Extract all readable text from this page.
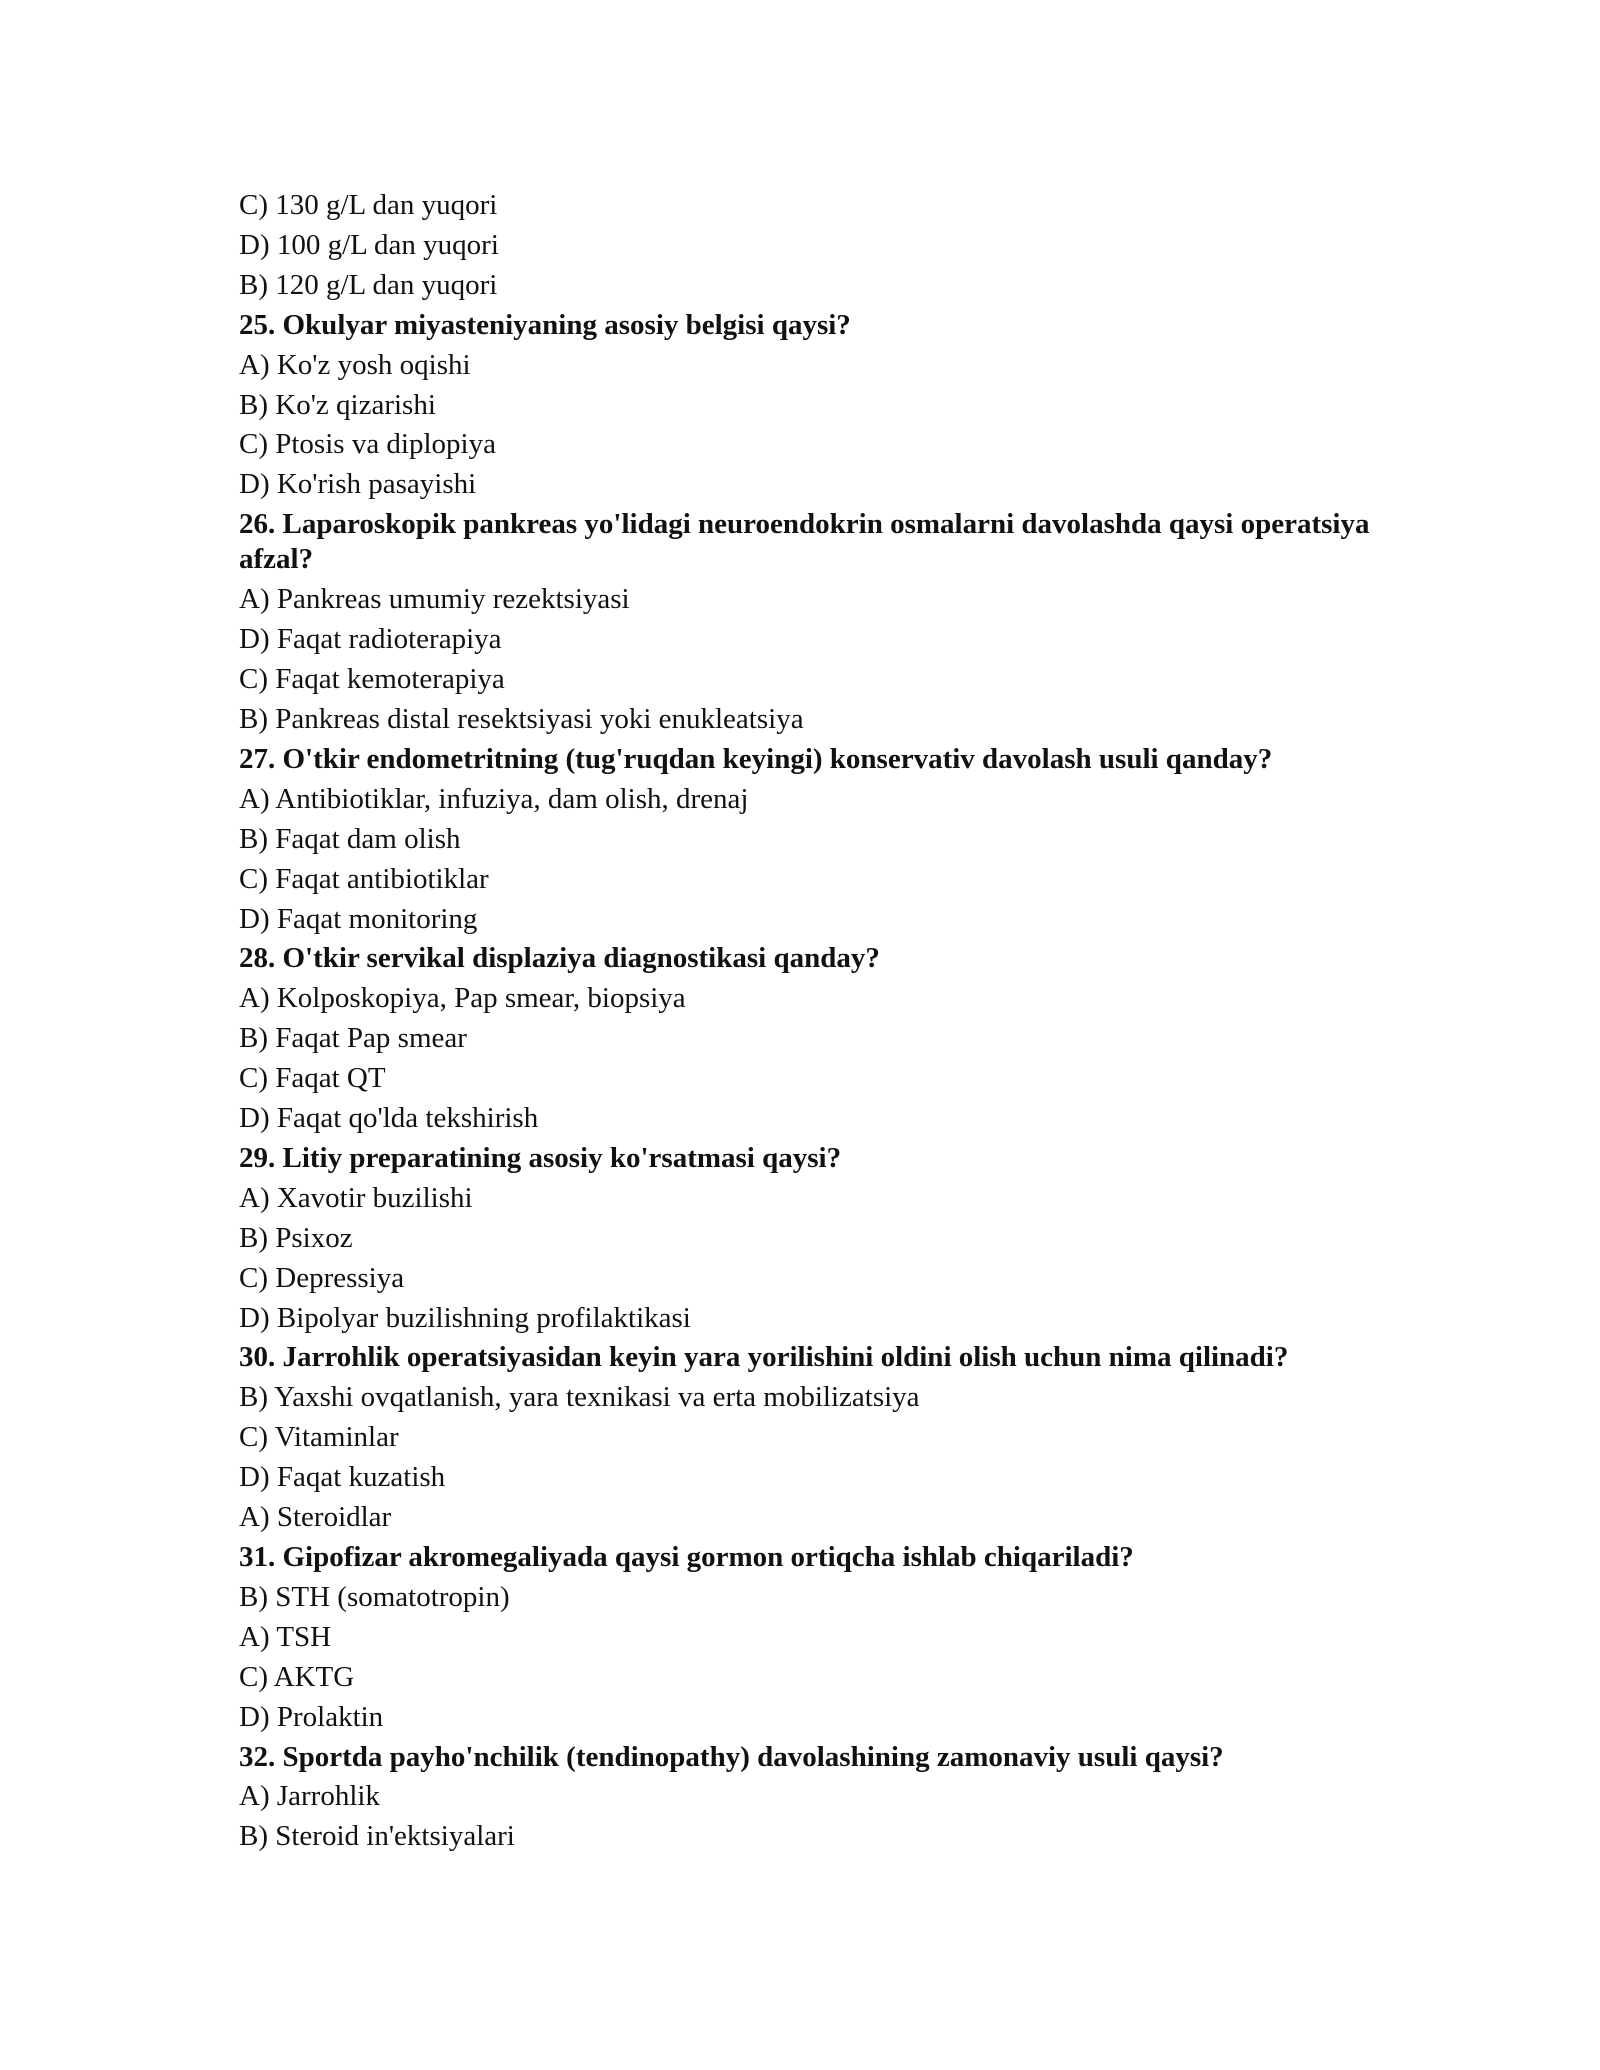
C) 130 g/L dan yuqori

D) 100 g/L dan yuqori

B) 120 g/L dan yuqori

25. Okulyar miyasteniyaning asosiy belgisi qaysi?

A) Ko'z yosh oqishi

B) Ko'z qizarishi

C) Ptosis va diplopiya

D) Ko'rish pasayishi

26. Laparoskopik pankreas yo'lidagi neuroendokrin osmalarni davolashda qaysi operatsiya afzal?

A) Pankreas umumiy rezektsiyasi

D) Faqat radioterapiya

C) Faqat kemoterapiya

B) Pankreas distal resektsiyasi yoki enukleatsiya

27. O'tkir endometritning (tug'ruqdan keyingi) konservativ davolash usuli qanday?

A) Antibiotiklar, infuziya, dam olish, drenaj

B) Faqat dam olish

C) Faqat antibiotiklar

D) Faqat monitoring

28. O'tkir servikal displaziya diagnostikasi qanday?

A) Kolposkopiya, Pap smear, biopsiya

B) Faqat Pap smear

C) Faqat QT

D) Faqat qo'lda tekshirish

29. Litiy preparatining asosiy ko'rsatmasi qaysi?

A) Xavotir buzilishi

B) Psixoz

C) Depressiya

D) Bipolyar buzilishning profilaktikasi

30. Jarrohlik operatsiyasidan keyin yara yorilishini oldini olish uchun nima qilinadi?

B) Yaxshi ovqatlanish, yara texnikasi va erta mobilizatsiya

C) Vitaminlar

D) Faqat kuzatish

A) Steroidlar

31. Gipofizar akromegaliyada qaysi gormon ortiqcha ishlab chiqariladi?

B) STH (somatotropin)

A) TSH

C) AKTG

D) Prolaktin

32. Sportda payho'nchilik (tendinopathy) davolashining zamonaviy usuli qaysi?

A) Jarrohlik

B) Steroid in'ektsiyalari
